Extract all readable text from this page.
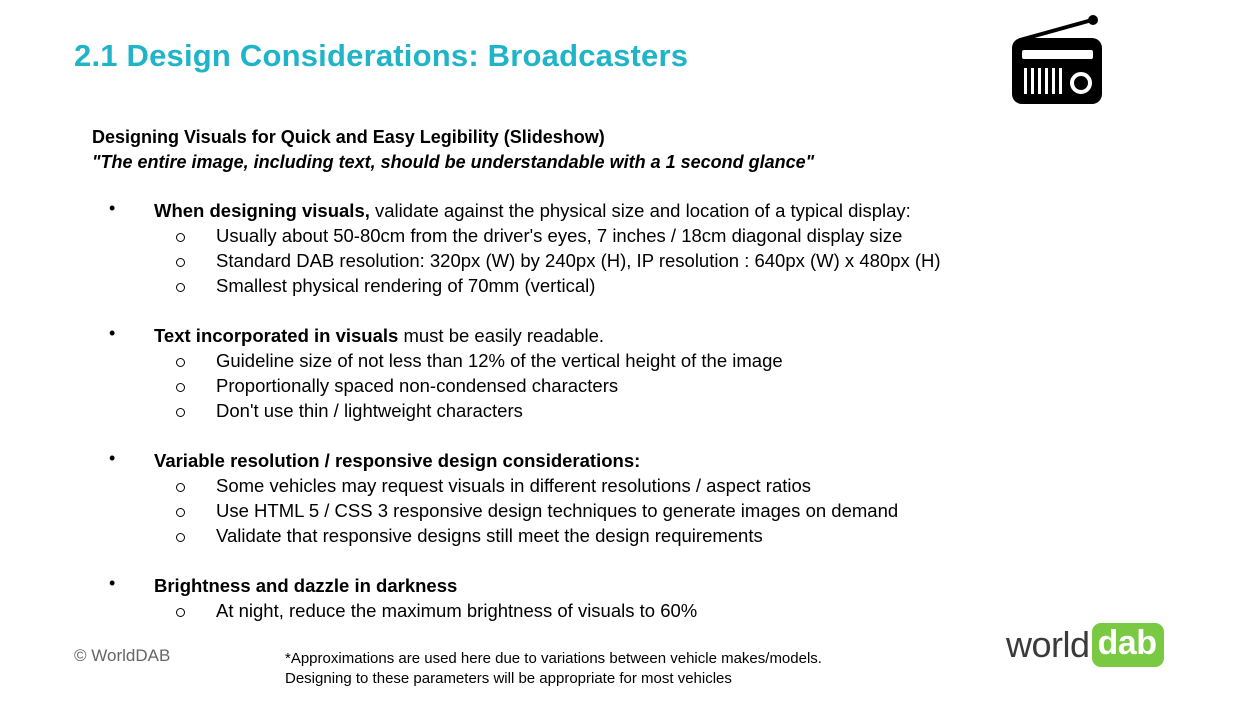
2.1 Design Considerations: Broadcasters
Designing Visuals for Quick and Easy Legibility (Slideshow)
"The entire image, including text, should be understandable with a 1 second glance"
• When designing visuals, validate against the physical size and location of a typical display:
Usually about 50-80cm from the driver's eyes, 7 inches / 18cm diagonal display size
Standard DAB resolution: 320px (W) by 240px (H), IP resolution : 640px (W) x 480px (H)
Smallest physical rendering of 70mm (vertical)
• Text incorporated in visuals must be easily readable.
Guideline size of not less than 12% of the vertical height of the image
Proportionally spaced non-condensed characters
Don't use thin / lightweight characters
• Variable resolution / responsive design considerations:
Some vehicles may request visuals in different resolutions / aspect ratios
Use HTML 5 / CSS 3 responsive design techniques to generate images on demand
Validate that responsive designs still meet the design requirements
• Brightness and dazzle in darkness
At night, reduce the maximum brightness of visuals to 60%
© WorldDAB	*Approximations are used here due to variations between vehicle makes/models.
Designing to these parameters will be appropriate for most vehicles
world dab
